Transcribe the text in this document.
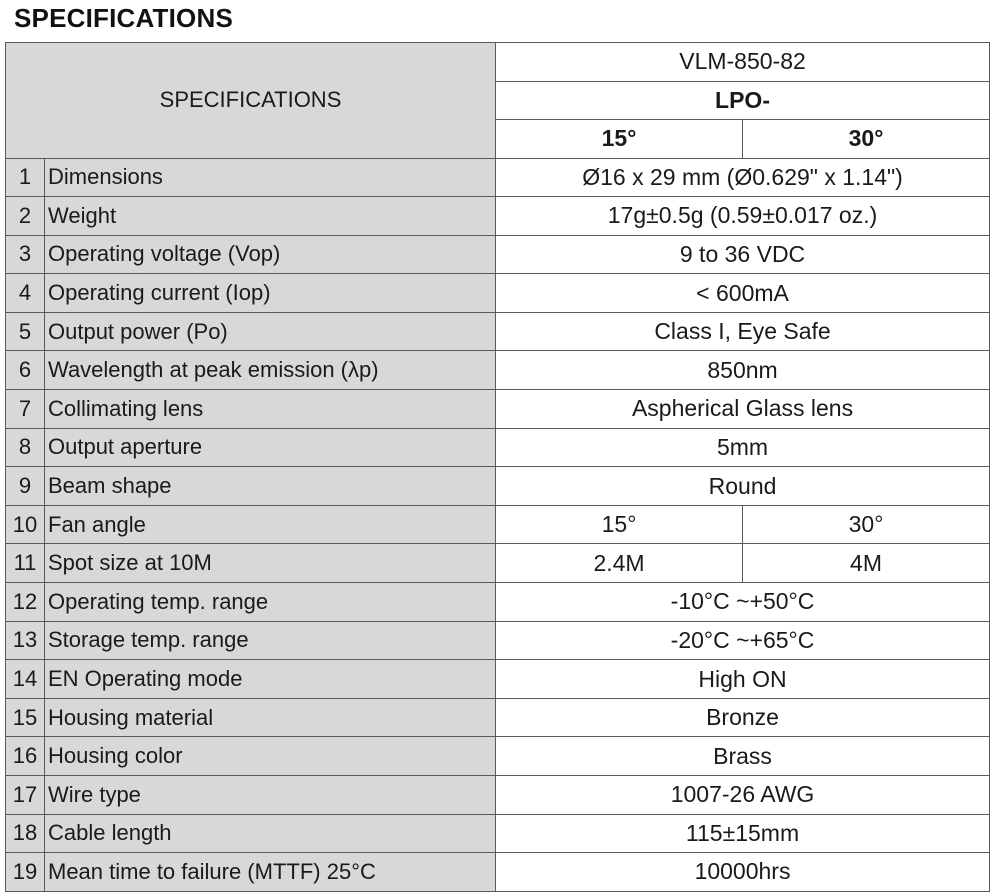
SPECIFICATIONS
SPECIFICATIONS		VLM-850-82	
		LPO-	
		15°	30°
1	Dimensions	Ø16 x 29 mm (Ø0.629" x 1.14")	
2	Weight	17g±0.5g (0.59±0.017 oz.)	
3	Operating voltage (Vop)	9 to 36 VDC	
4	Operating current (Iop)	< 600mA	
5	Output power (Po)	Class I, Eye Safe	
6	Wavelength at peak emission (λp)	850nm	
7	Collimating lens	Aspherical Glass lens	
8	Output aperture	5mm	
9	Beam shape	Round	
10	Fan angle	15°	30°
11	Spot size at 10M	2.4M	4M
12	Operating temp. range	-10°C ~+50°C	
13	Storage temp. range	-20°C ~+65°C	
14	EN Operating mode	High ON	
15	Housing material	Bronze	
16	Housing color	Brass	
17	Wire type	1007-26 AWG	
18	Cable length	115±15mm	
19	Mean time to failure (MTTF) 25°C	10000hrs	
